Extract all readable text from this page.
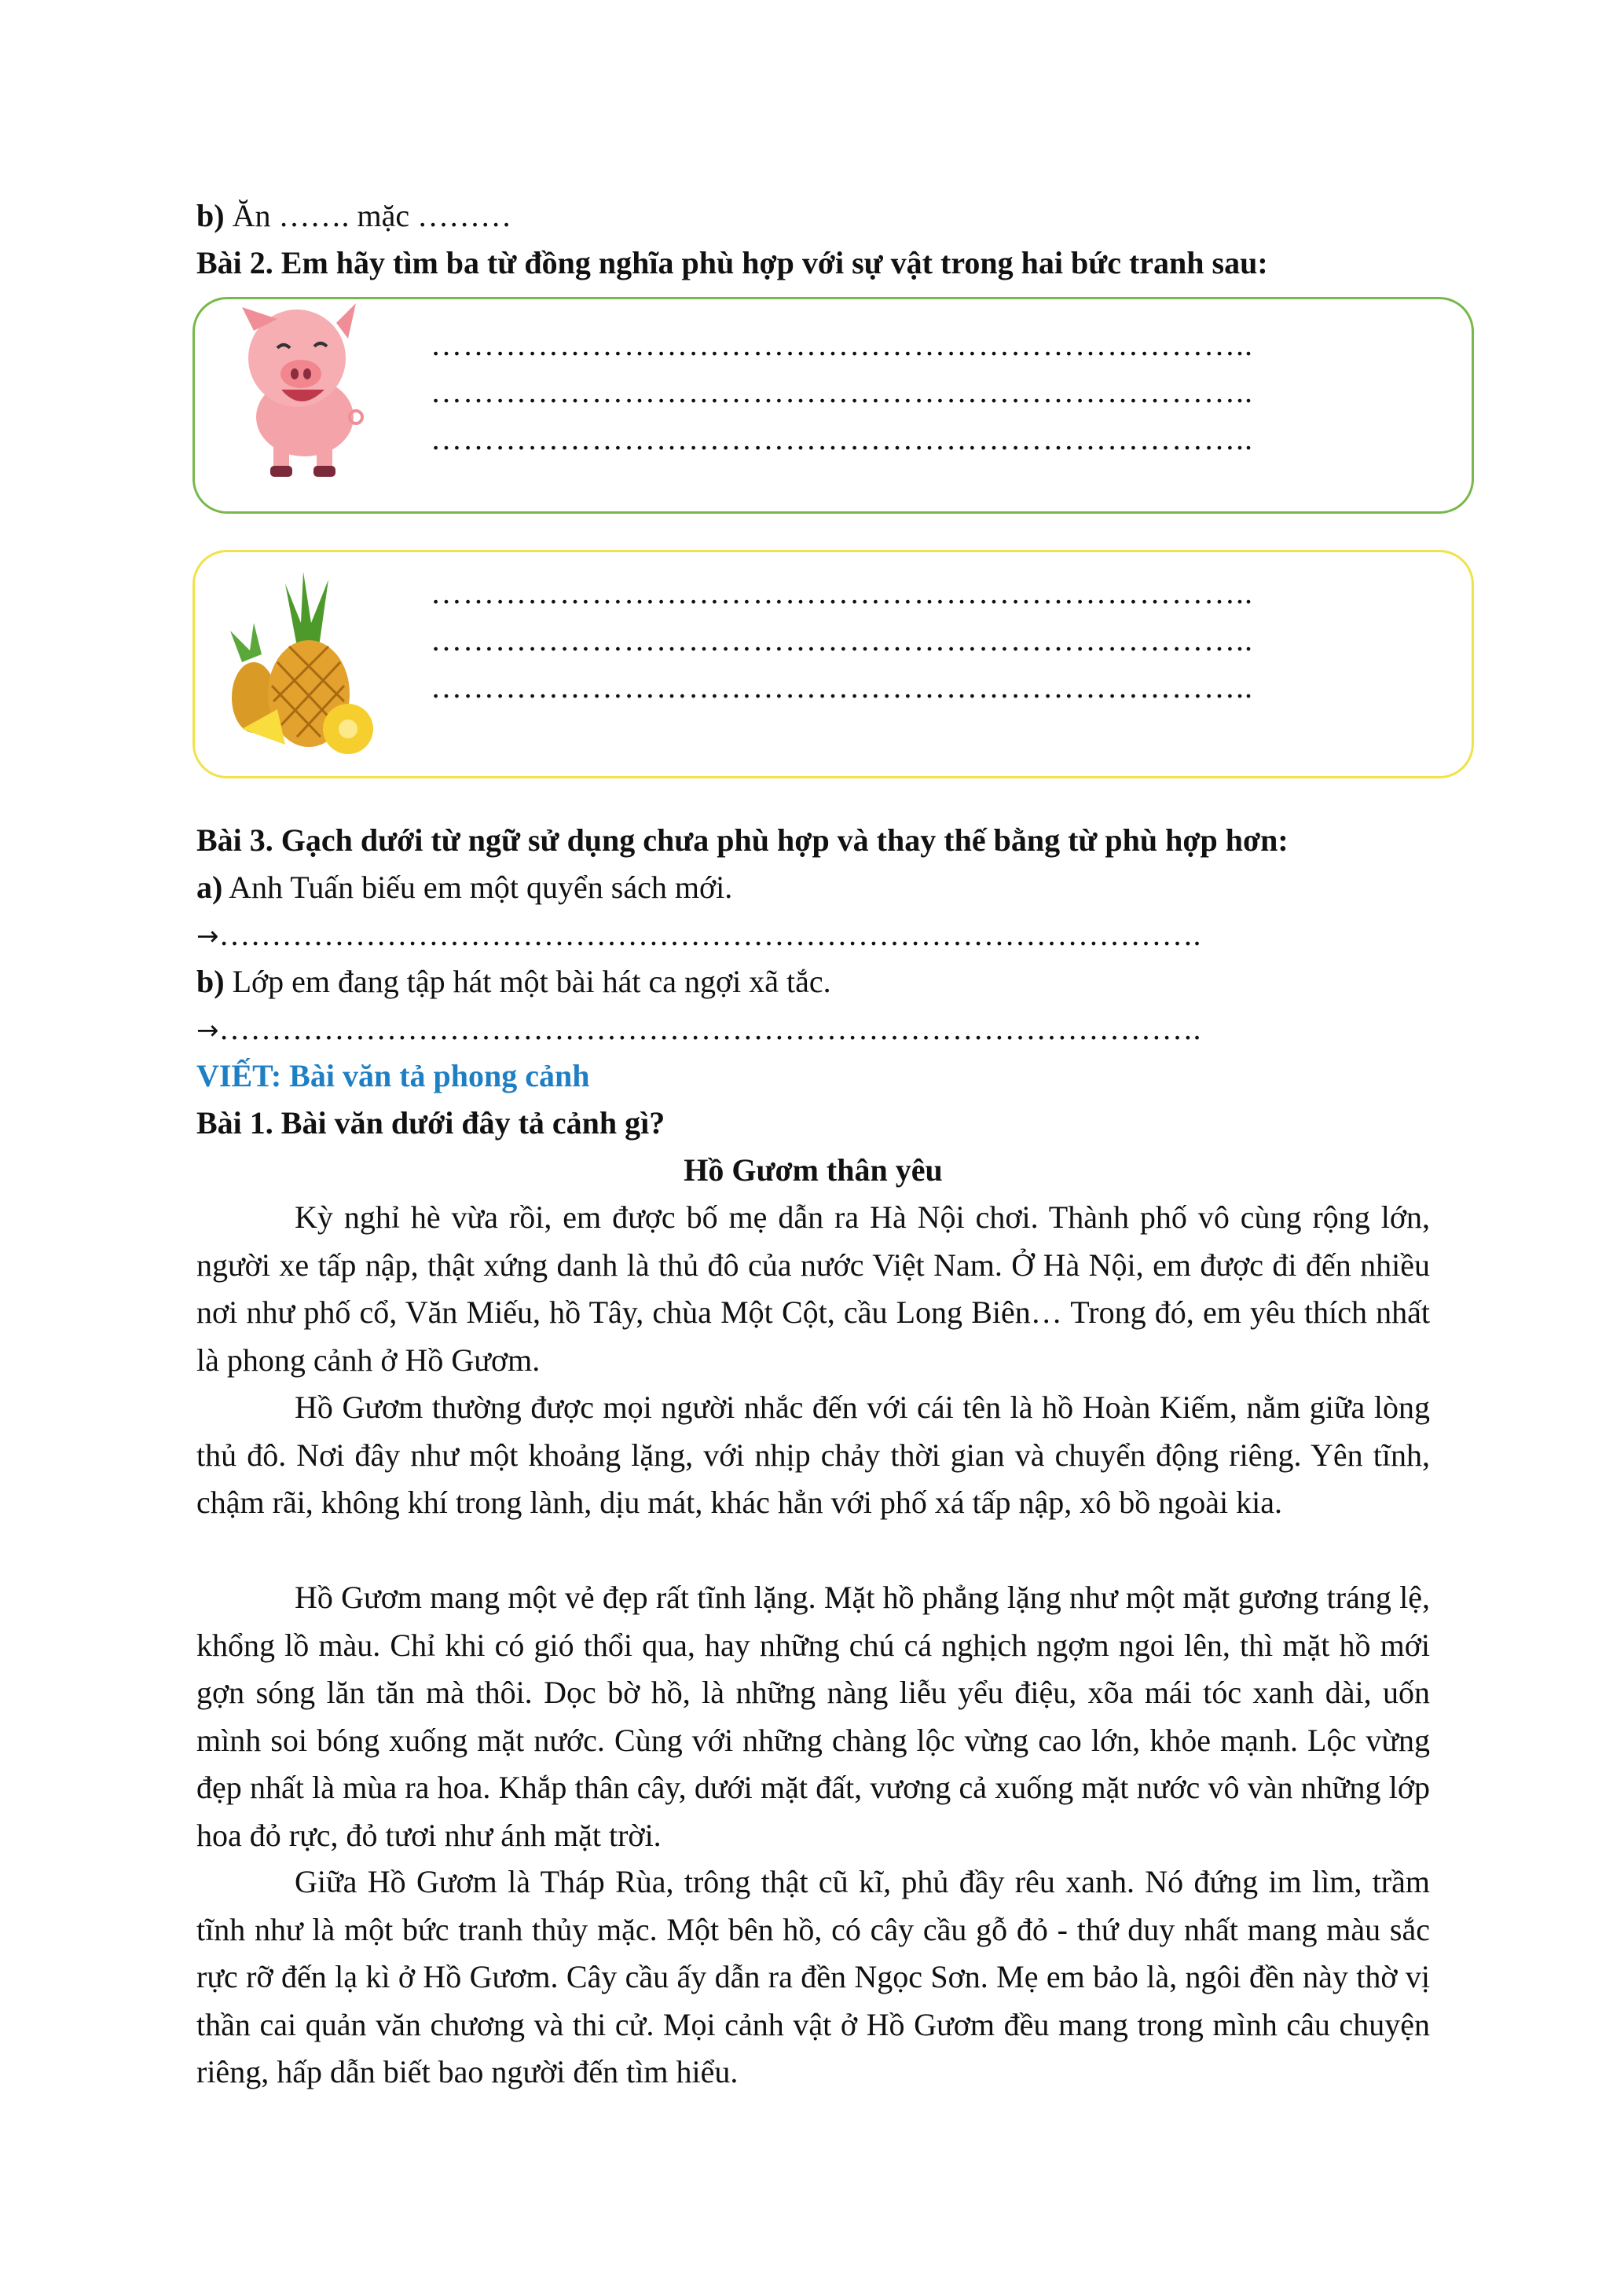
b) Ăn ……. mặc ………
Bài 2. Em hãy tìm ba từ đồng nghĩa phù hợp với sự vật trong hai bức tranh sau:
…………………………………………………………………..
…………………………………………………………………..
…………………………………………………………………..
…………………………………………………………………..
…………………………………………………………………..
…………………………………………………………………..
Bài 3. Gạch dưới từ ngữ sử dụng chưa phù hợp và thay thế bằng từ phù hợp hơn:
a) Anh Tuấn biếu em một quyển sách mới.
→………………………………………………………………………………….
b) Lớp em đang tập hát một bài hát ca ngợi xã tắc.
→………………………………………………………………………………….
VIẾT: Bài văn tả phong cảnh
Bài 1. Bài văn dưới đây tả cảnh gì?
Hồ Gươm thân yêu
Kỳ nghỉ hè vừa rồi, em được bố mẹ dẫn ra Hà Nội chơi. Thành phố vô cùng rộng lớn, người xe tấp nập, thật xứng danh là thủ đô của nước Việt Nam. Ở Hà Nội, em được đi đến nhiều nơi như phố cổ, Văn Miếu, hồ Tây, chùa Một Cột, cầu Long Biên… Trong đó, em yêu thích nhất là phong cảnh ở Hồ Gươm.
Hồ Gươm thường được mọi người nhắc đến với cái tên là hồ Hoàn Kiếm, nằm giữa lòng thủ đô. Nơi đây như một khoảng lặng, với nhịp chảy thời gian và chuyển động riêng. Yên tĩnh, chậm rãi, không khí trong lành, dịu mát, khác hẳn với phố xá tấp nập, xô bồ ngoài kia.
Hồ Gươm mang một vẻ đẹp rất tĩnh lặng. Mặt hồ phẳng lặng như một mặt gương tráng lệ, khổng lồ màu. Chỉ khi có gió thổi qua, hay những chú cá nghịch ngợm ngoi lên, thì mặt hồ mới gợn sóng lăn tăn mà thôi. Dọc bờ hồ, là những nàng liễu yểu điệu, xõa mái tóc xanh dài, uốn mình soi bóng xuống mặt nước. Cùng với những chàng lộc vừng cao lớn, khỏe mạnh. Lộc vừng đẹp nhất là mùa ra hoa. Khắp thân cây, dưới mặt đất, vương cả xuống mặt nước vô vàn những lớp hoa đỏ rực, đỏ tươi như ánh mặt trời.
Giữa Hồ Gươm là Tháp Rùa, trông thật cũ kĩ, phủ đầy rêu xanh. Nó đứng im lìm, trầm tĩnh như là một bức tranh thủy mặc. Một bên hồ, có cây cầu gỗ đỏ - thứ duy nhất mang màu sắc rực rỡ đến lạ kì ở Hồ Gươm. Cây cầu ấy dẫn ra đền Ngọc Sơn. Mẹ em bảo là, ngôi đền này thờ vị thần cai quản văn chương và thi cử. Mọi cảnh vật ở Hồ Gươm đều mang trong mình câu chuyện riêng, hấp dẫn biết bao người đến tìm hiểu.
